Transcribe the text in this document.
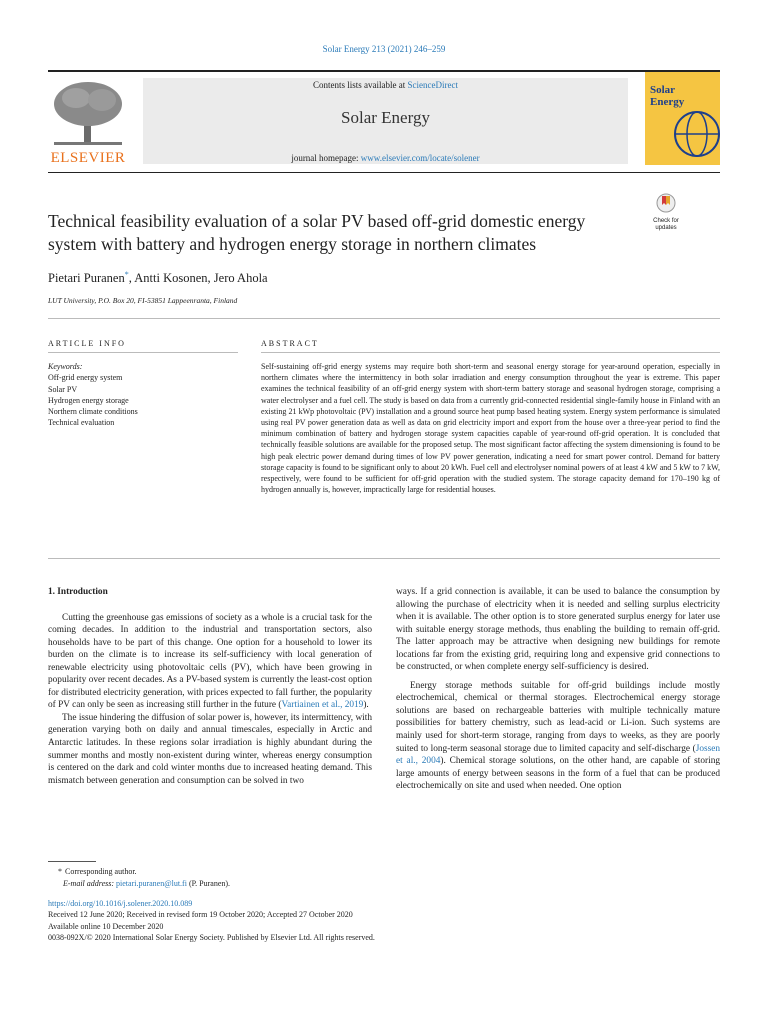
Solar Energy 213 (2021) 246–259
ELSEVIER
Contents lists available at ScienceDirect
Solar Energy
journal homepage: www.elsevier.com/locate/solener
Solar
Energy
Technical feasibility evaluation of a solar PV based off-grid domestic energy system with battery and hydrogen energy storage in northern climates
Check for
updates
Pietari Puranen*, Antti Kosonen, Jero Ahola
LUT University, P.O. Box 20, FI-53851 Lappeenranta, Finland
ARTICLE INFO	ABSTRACT
Keywords:
Off-grid energy system
Solar PV
Hydrogen energy storage
Northern climate conditions
Technical evaluation
Self-sustaining off-grid energy systems may require both short-term and seasonal energy storage for year-around operation, especially in northern climates where the intermittency in both solar irradiation and energy consumption throughout the year is extreme. This paper examines the technical feasibility of an off-grid energy system with short-term battery storage and seasonal hydrogen storage, comprising a water electrolyser and a fuel cell. The study is based on data from a currently grid-connected residential single-family house in Finland with an existing 21 kWp photovoltaic (PV) installation and a ground source heat pump based heating system. Energy system performance is simulated using real PV power generation data as well as data on grid electricity import and export from the house over a three-year period to find the minimum combination of battery and hydrogen storage system capacities capable of year-round off-grid operation. It is concluded that technically feasible solutions are available for the proposed setup. The most significant factor affecting the system dimensioning is found to be high peak electric power demand during times of low PV power generation, indicating a need for smart power control. Demand for battery storage capacity is found to be significant only to about 20 kWh. Fuel cell and electrolyser nominal powers of at least 4 kW and 5 kW to 7 kW, respectively, were found to be sufficient for off-grid operation with the studied system. The storage capacity demand for 170–190 kg of hydrogen annually is, however, impractically large for residential houses.
1. Introduction

Cutting the greenhouse gas emissions of society as a whole is a crucial task for the coming decades. In addition to the industrial and transportation sectors, also households have to be part of this change. One option for a household to lower its burden on the climate is to increase its self-sufficiency with local generation of renewable electricity using photovoltaic cells (PV), which have been growing in popularity over recent decades. As a PV-based system is currently the least-cost option for distributed electricity generation, with prices expected to fall further, the popularity of PV can only be seen as increasing still further in the future (Vartiainen et al., 2019).

The issue hindering the diffusion of solar power is, however, its intermittency, with generation varying both on daily and annual timescales, especially in Arctic and Antarctic latitudes. In these regions solar irradiation is highly abundant during the summer months and mostly non-existent during winter, whereas energy consumption is centered on the dark and cold winter months due to increased heating demand. This mismatch between generation and consumption can be solved in two

ways. If a grid connection is available, it can be used to balance the consumption by allowing the purchase of electricity when it is needed and selling surplus electricity when it is available. The other option is to store generated surplus energy for later use with suitable energy storage methods, thus enabling the building to remain off-grid. The latter approach may be attractive when designing new buildings for remote locations far from the existing grid, requiring long and expensive grid connections to be constructed, or when complete energy self-sufficiency is desired.

Energy storage methods suitable for off-grid buildings include mostly electrochemical, chemical or thermal storages. Electrochemical energy storage solutions are based on rechargeable batteries with multiple technically mature possibilities for battery chemistry, such as lead-acid or Li-ion. Such systems are mainly used for short-term storage, ranging from days to weeks, as they are poorly suited to long-term seasonal storage due to limited capacity and self-discharge (Jossen et al., 2004). Chemical storage solutions, on the other hand, are capable of storing large amounts of energy between seasons in the form of a fuel that can be produced electrochemically on site and used when needed. One option

* Corresponding author.
E-mail address: pietari.puranen@lut.fi (P. Puranen).
https://doi.org/10.1016/j.solener.2020.10.089
Received 12 June 2020; Received in revised form 19 October 2020; Accepted 27 October 2020
Available online 10 December 2020
0038-092X/© 2020 International Solar Energy Society. Published by Elsevier Ltd. All rights reserved.
